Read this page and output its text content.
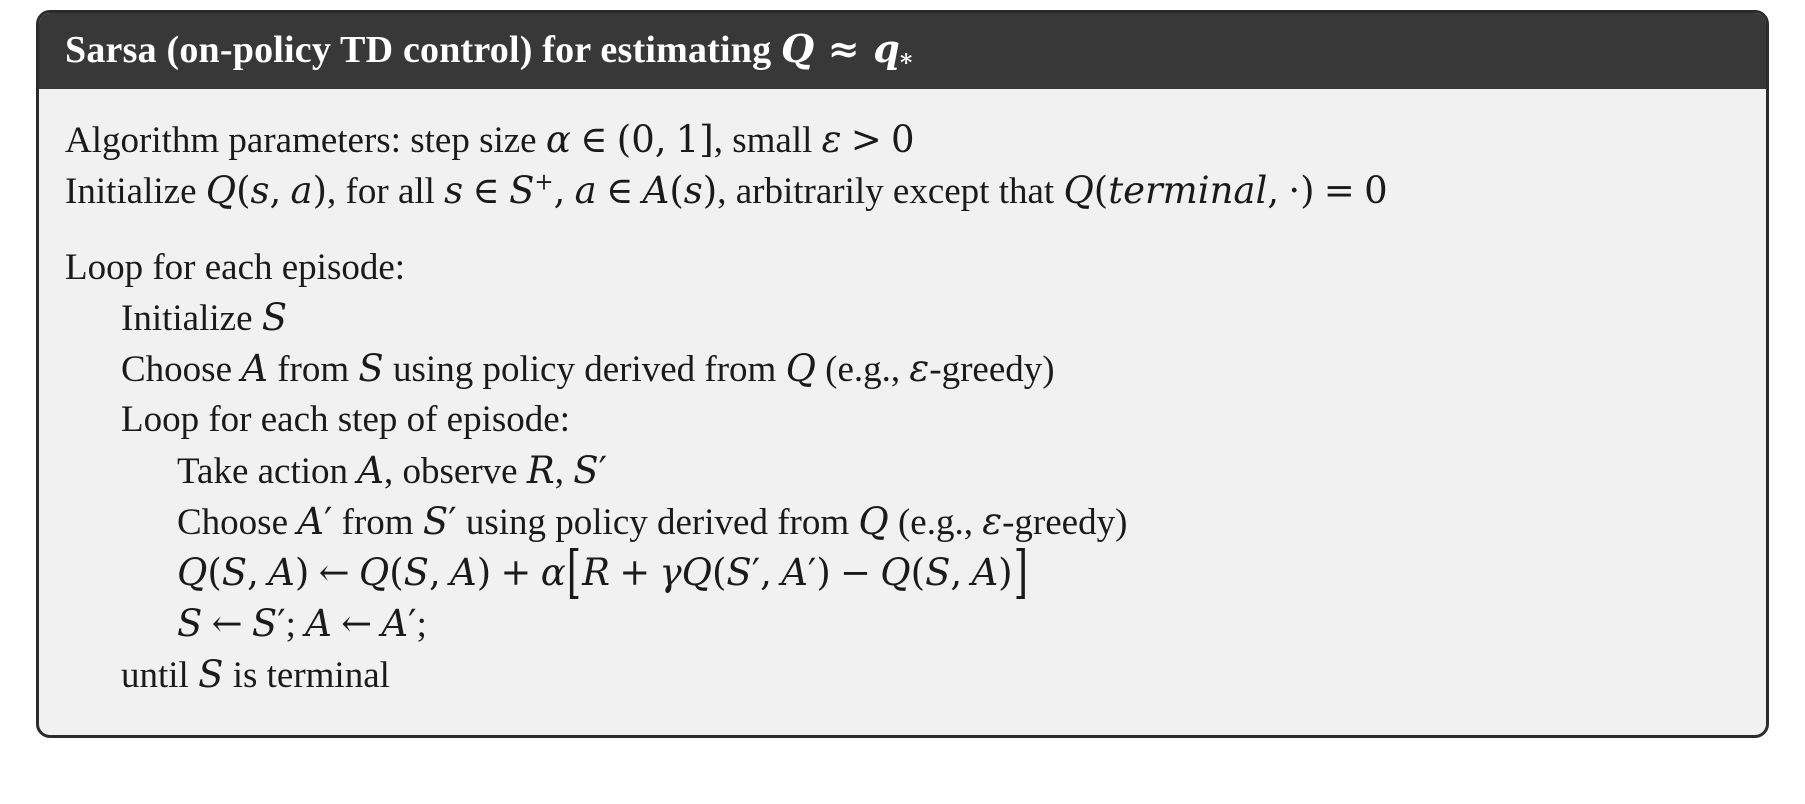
Sarsa (on-policy TD control) for estimating $Q \approx q_*$
Algorithm parameters: step size α ∈ (0, 1], small ε > 0
Initialize Q(s, a), for all s ∈ S+, a ∈ A(s), arbitrarily except that Q(terminal, ·) = 0
Loop for each episode:
Initialize S
Choose A from S using policy derived from Q (e.g., ε-greedy)
Loop for each step of episode:
Take action A, observe R, S′
Choose A′ from S′ using policy derived from Q (e.g., ε-greedy)
Q(S, A) ← Q(S, A) + α[R + γQ(S′, A′) − Q(S, A)]
S ← S′; A ← A′;
until S is terminal
